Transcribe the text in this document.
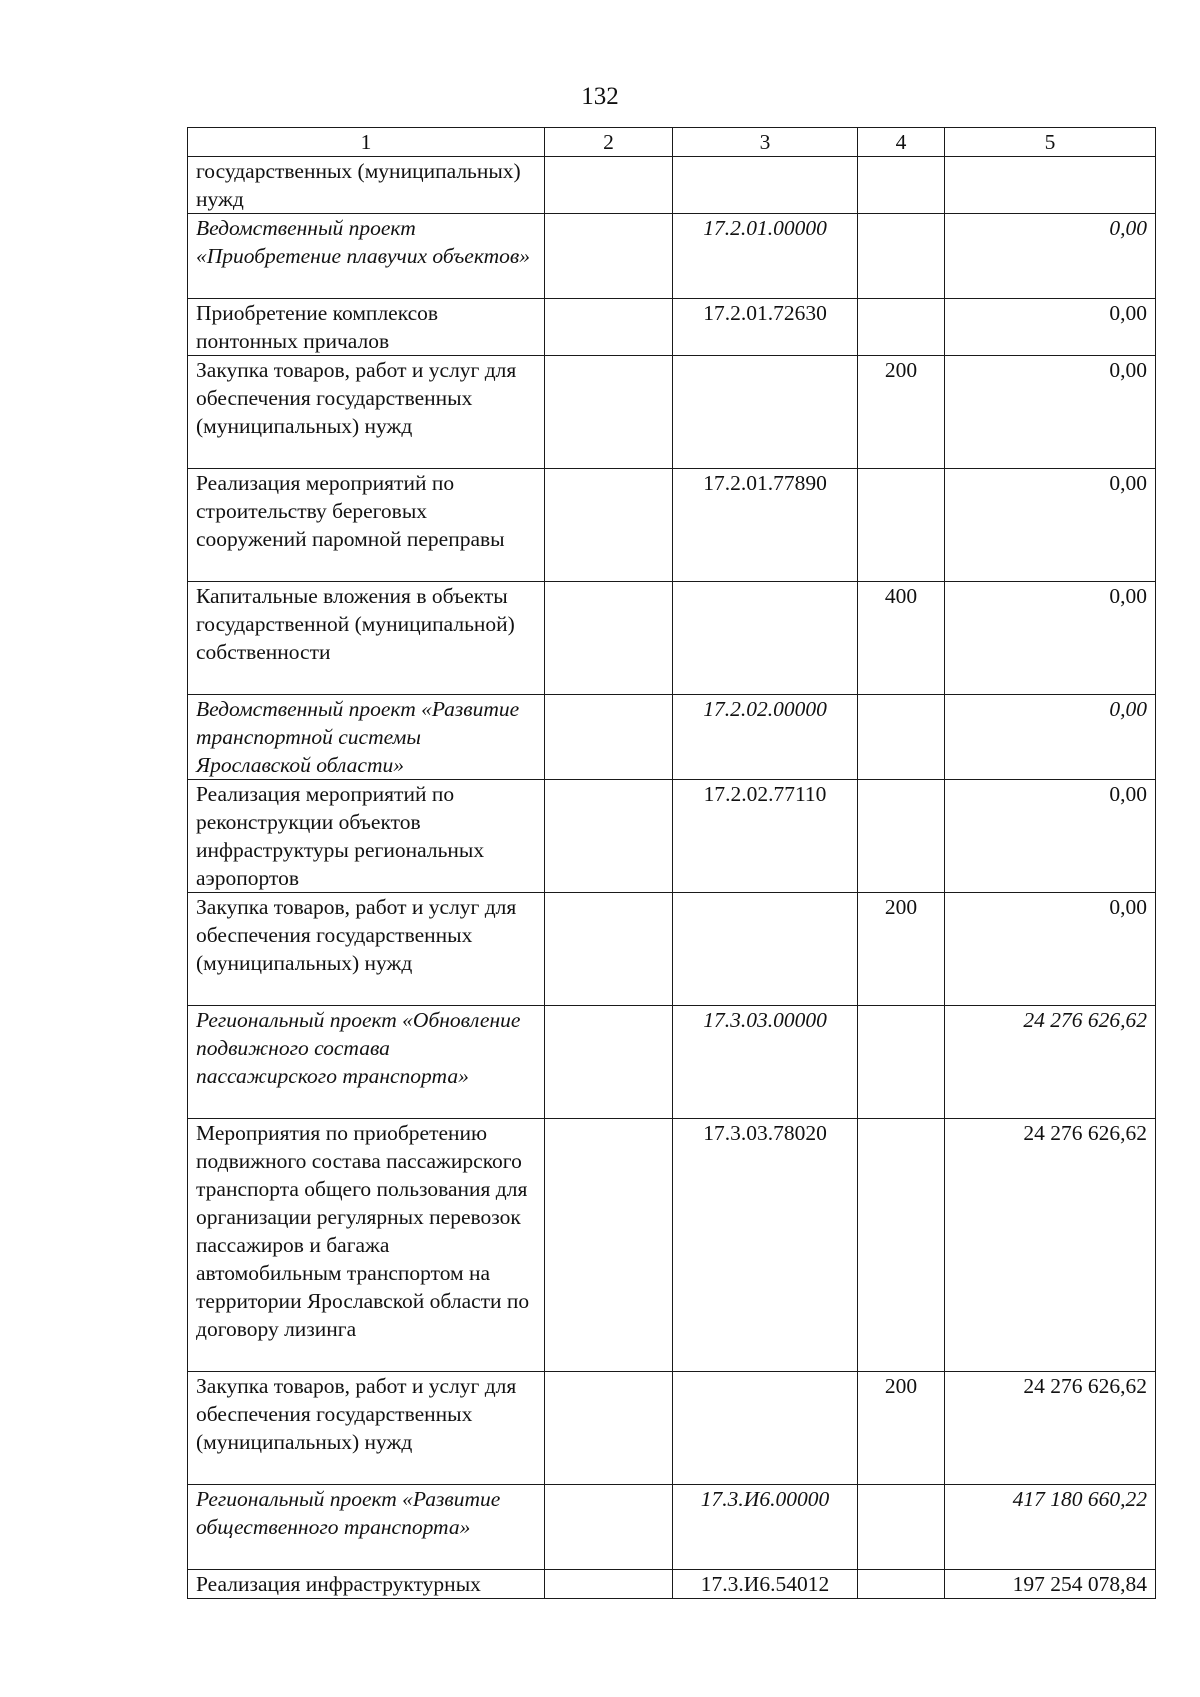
132
1	2	3	4	5
государственных (муниципальных) нужд				
Ведомственный проект «Приобретение плавучих объектов»		17.2.01.00000		0,00
Приобретение комплексов понтонных причалов		17.2.01.72630		0,00
Закупка товаров, работ и услуг для обеспечения государственных (муниципальных) нужд			200	0,00
Реализация мероприятий по строительству береговых сооружений паромной переправы		17.2.01.77890		0,00
Капитальные вложения в объекты государственной (муниципальной) собственности			400	0,00
Ведомственный проект «Развитие транспортной системы Ярославской области»		17.2.02.00000		0,00
Реализация мероприятий по реконструкции объектов инфраструктуры региональных аэропортов		17.2.02.77110		0,00
Закупка товаров, работ и услуг для обеспечения государственных (муниципальных) нужд			200	0,00
Региональный проект «Обновление подвижного состава пассажирского транспорта»		17.3.03.00000		24 276 626,62
Мероприятия по приобретению подвижного состава пассажирского транспорта общего пользования для организации регулярных перевозок пассажиров и багажа автомобильным транспортом на территории Ярославской области по договору лизинга		17.3.03.78020		24 276 626,62
Закупка товаров, работ и услуг для обеспечения государственных (муниципальных) нужд			200	24 276 626,62
Региональный проект «Развитие общественного транспорта»		17.3.И6.00000		417 180 660,22
Реализация инфраструктурных		17.3.И6.54012		197 254 078,84
